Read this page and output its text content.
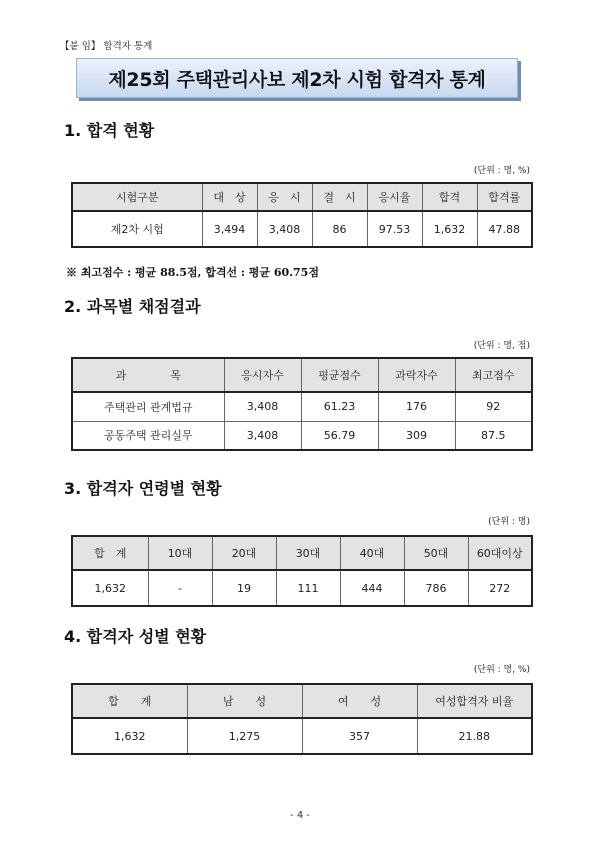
【붙 임】 합격자 통계
제25회 주택관리사보 제2차 시험 합격자 통계
1. 합격 현황
(단위 : 명, %)
시험구분	대　상	응　시	결　시	응시율	합격	합격률
제2차 시험	3,494	3,408	86	97.53	1,632	47.88
※ 최고점수 : 평균 88.5점, 합격선 : 평균 60.75점
2. 과목별 채점결과
(단위 : 명, 점)
과　　　　목	응시자수	평균점수	과락자수	최고점수
주택관리 관계법규	3,408	61.23	176	92
공동주택 관리실무	3,408	56.79	309	87.5
3. 합격자 연령별 현황
(단위 : 명)
합　계	10대	20대	30대	40대	50대	60대이상
1,632	-	19	111	444	786	272
4. 합격자 성별 현황
(단위 : 명, %)
합　　계	남　　성	여　　성	여성합격자 비율
1,632	1,275	357	21.88
- 4 -
